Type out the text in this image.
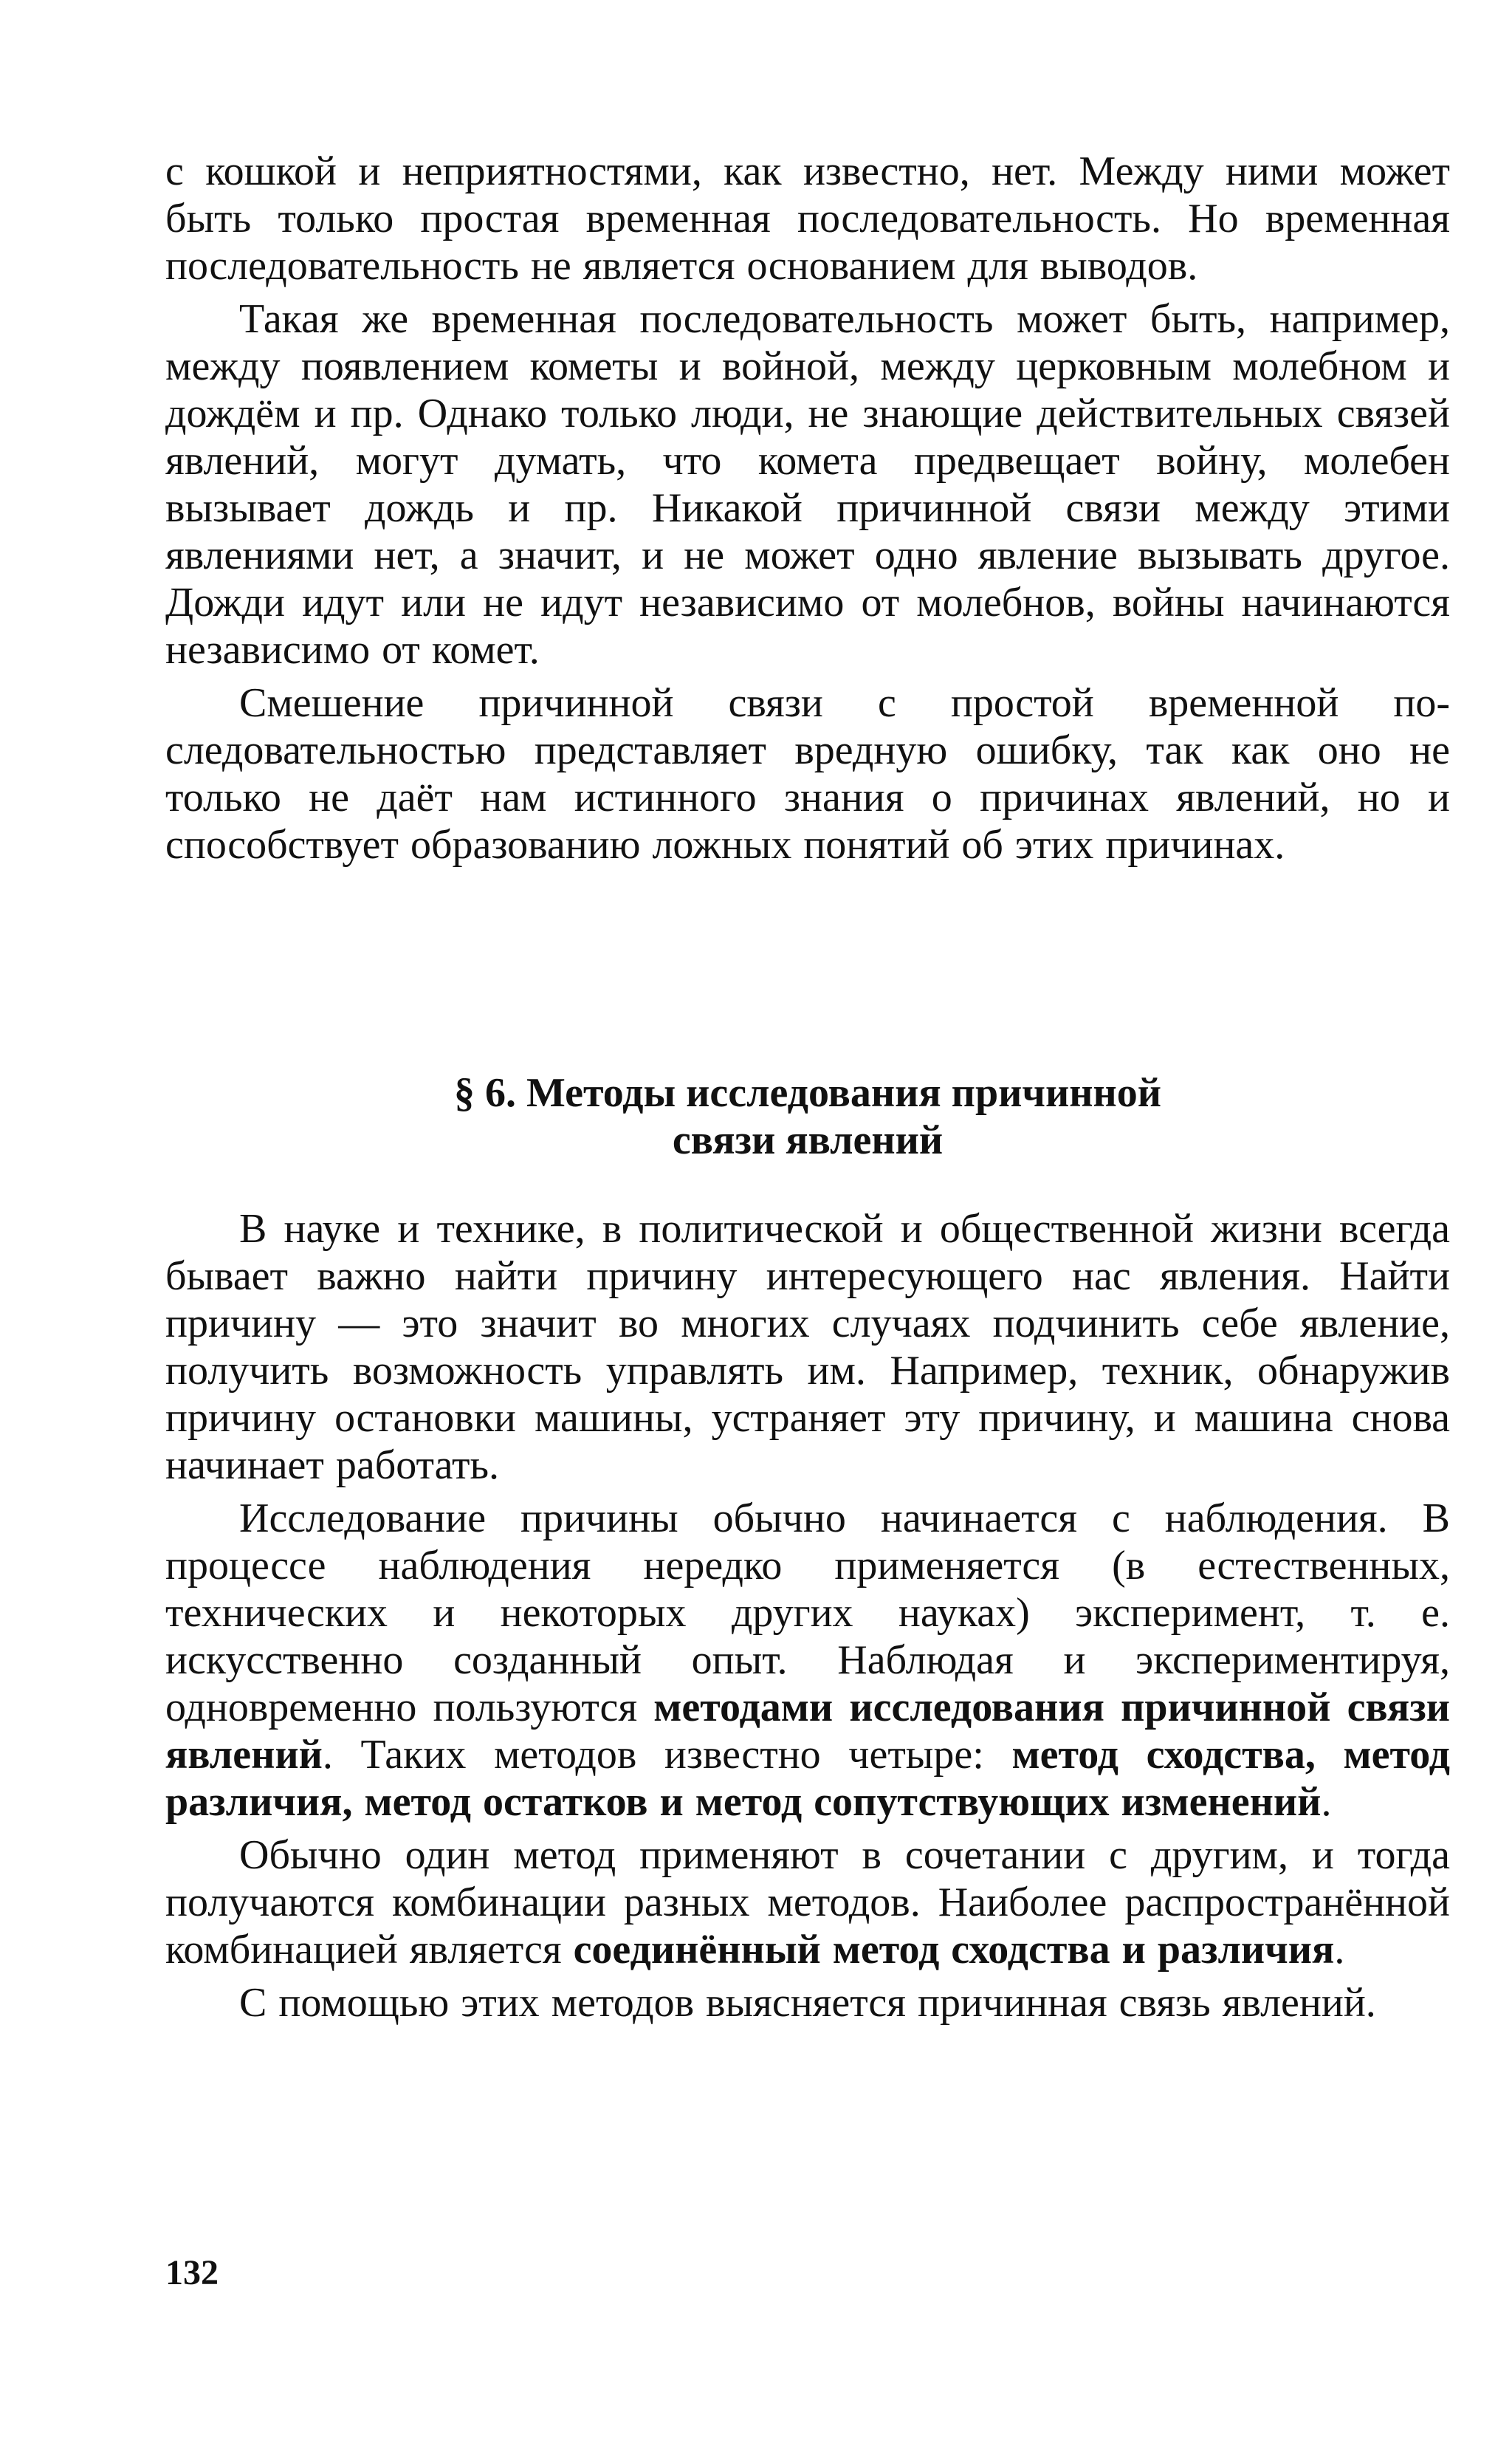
с кошкой и неприятностями, как известно, нет. Между ними может быть только простая временная последовательность. Но временная последовательность не является основанием для выводов.

Такая же временная последовательность может быть, например, между появлением кометы и войной, между церковным молебном и дождём и пр. Однако только люди, не знающие действительных связей явлений, могут думать, что комета предвещает войну, молебен вызывает дождь и пр. Никакой причинной связи между этими явлениями нет, а значит, и не может одно явление вызывать другое. Дожди идут или не идут независимо от молебнов, войны начинаются независимо от комет.

Смешение причинной связи с простой временной последовательностью представляет вредную ошибку, так как оно не только не даёт нам истинного знания о причинах явлений, но и способствует образованию ложных понятий об этих причинах.

§ 6. Методы исследования причинной
связи явлений

В науке и технике, в политической и общественной жизни всегда бывает важно найти причину интересующего нас явления. Найти причину — это значит во многих случаях подчинить себе явление, получить возможность управлять им. Например, техник, обнаружив причину остановки машины, устраняет эту причину, и машина снова начинает работать.

Исследование причины обычно начинается с наблюдения. В процессе наблюдения нередко применяется (в естественных, технических и некоторых других науках) эксперимент, т. е. искусственно созданный опыт. Наблюдая и экспериментируя, одновременно пользуются методами исследования причинной связи явлений. Таких методов известно четыре: метод сходства, метод различия, метод остатков и метод сопутствующих изменений.

Обычно один метод применяют в сочетании с другим, и тогда получаются комбинации разных методов. Наиболее распространённой комбинацией является соединённый метод сходства и различия.

С помощью этих методов выясняется причинная связь явлений.

132
